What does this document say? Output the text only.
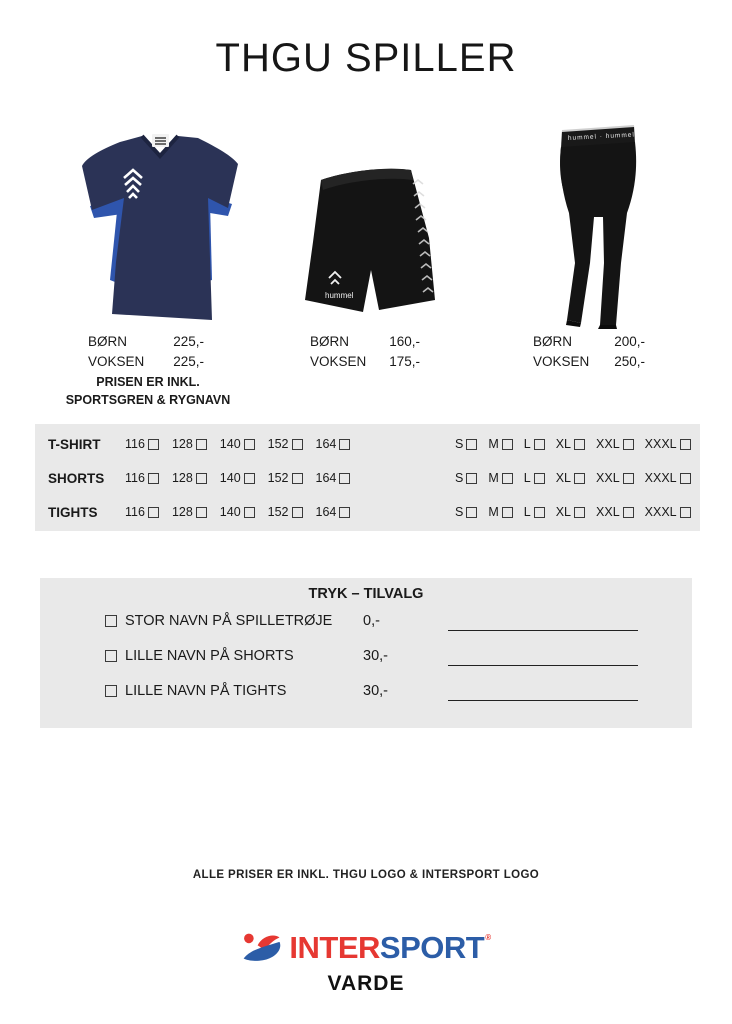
THGU SPILLER
hummel
hummel · hummel
BØRN	225,-
VOKSEN 225,-
PRISEN ER INKL.
SPORTSGREN & RYGNAVN
BØRN	160,-
VOKSEN 175,-
BØRN	200,-
VOKSEN 250,-
T-SHIRT	116 128 140 152 164	S M L XL XXL XXXL
SHORTS	116 128 140 152 164	S M L XL XXL XXXL
TIGHTS	116 128 140 152 164	S M L XL XXL XXXL
TRYK – TILVALG
STOR NAVN PÅ SPILLETRØJE	0,-
LILLE NAVN PÅ SHORTS	30,-
LILLE NAVN PÅ TIGHTS	30,-
ALLE PRISER ER INKL. THGU LOGO & INTERSPORT LOGO
INTERSPORT®
VARDE
